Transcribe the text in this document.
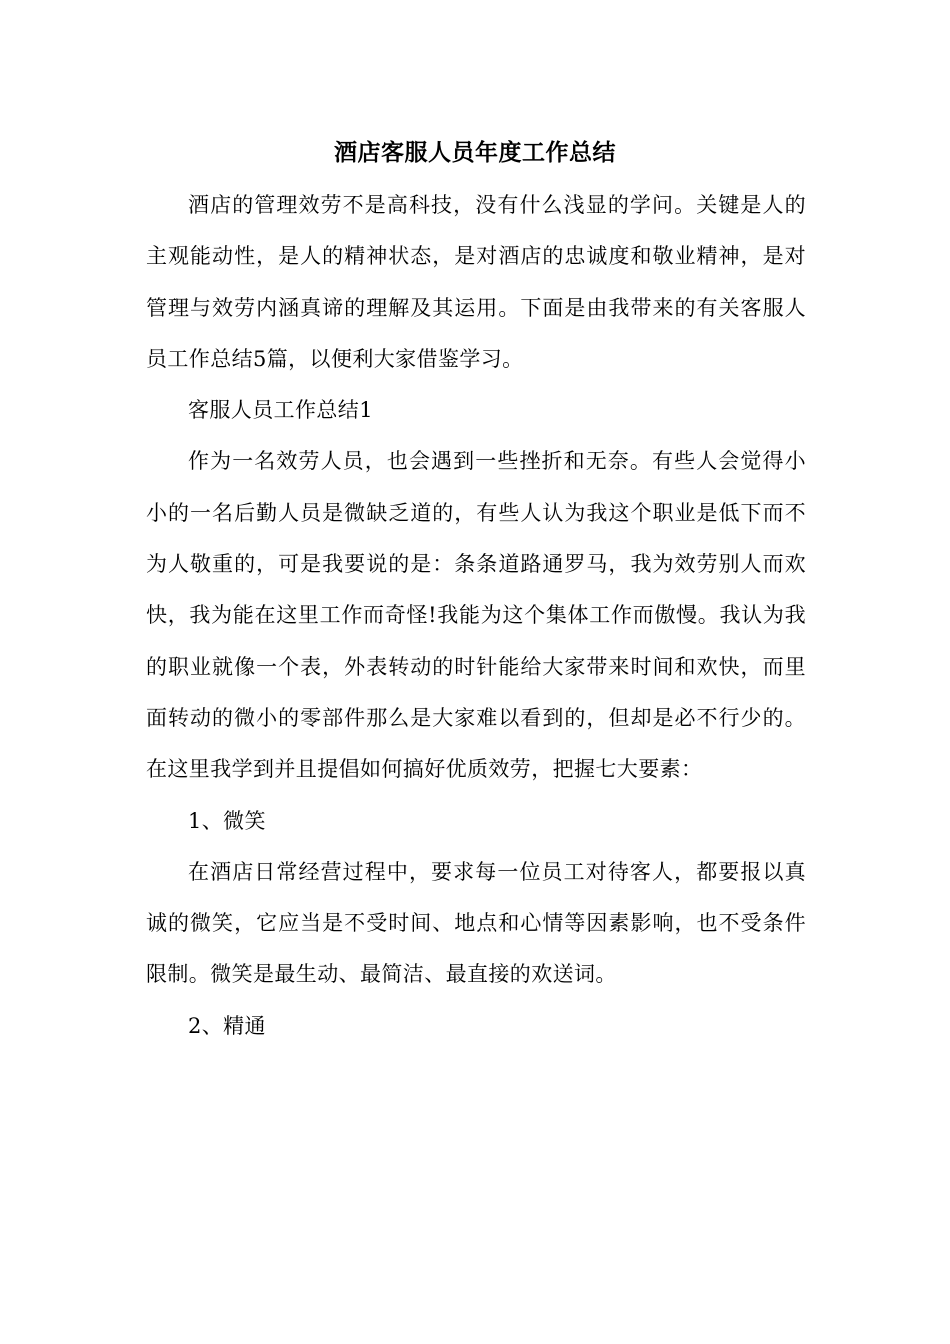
酒店客服人员年度工作总结

酒店的管理效劳不是高科技，没有什么浅显的学问。关键是人的主观能动性，是人的精神状态，是对酒店的忠诚度和敬业精神，是对管理与效劳内涵真谛的理解及其运用。下面是由我带来的有关客服人员工作总结5篇，以便利大家借鉴学习。

客服人员工作总结1

作为一名效劳人员，也会遇到一些挫折和无奈。有些人会觉得小小的一名后勤人员是微缺乏道的，有些人认为我这个职业是低下而不为人敬重的，可是我要说的是：条条道路通罗马，我为效劳别人而欢快，我为能在这里工作而奇怪!我能为这个集体工作而傲慢。我认为我的职业就像一个表，外表转动的时针能给大家带来时间和欢快，而里面转动的微小的零部件那么是大家难以看到的，但却是必不行少的。在这里我学到并且提倡如何搞好优质效劳，把握七大要素：

1、微笑

在酒店日常经营过程中，要求每一位员工对待客人，都要报以真诚的微笑，它应当是不受时间、地点和心情等因素影响，也不受条件限制。微笑是最生动、最简洁、最直接的欢送词。

2、精通
